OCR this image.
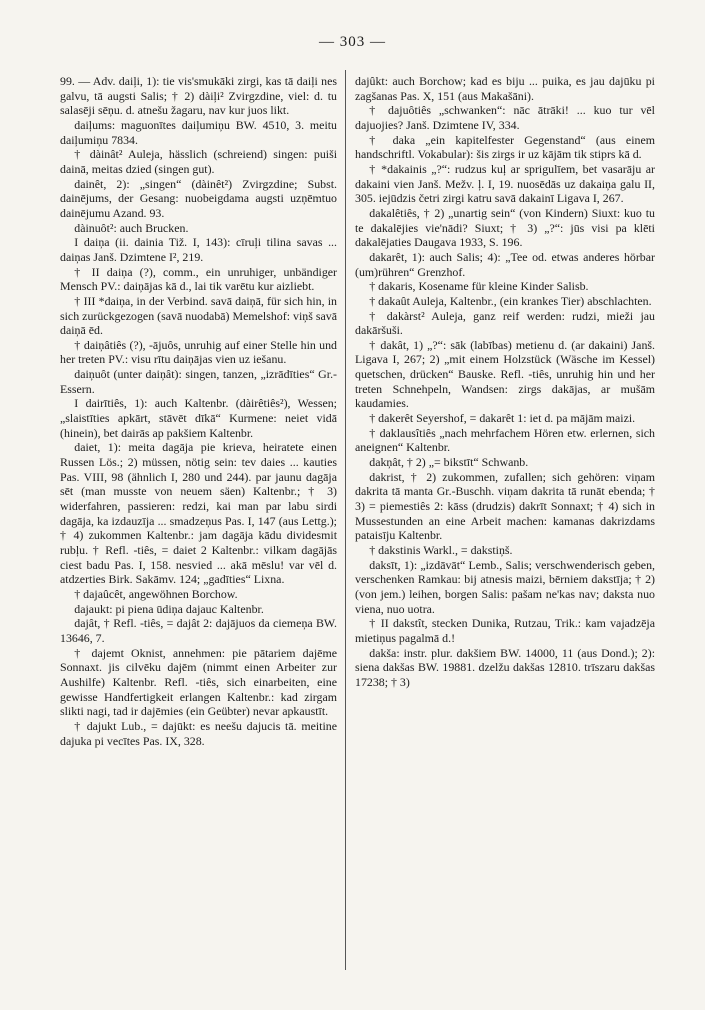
— 303 —

99. — Adv. daiļi, 1): tie vis'smukāki zirgi, kas tā daiļi nes galvu, tā augsti Salis; † 2) dàiļi² Zvirgzdine, viel: d. tu salasēji sēņu. d. atnešu žagaru, nav kur juos likt.

daiļums: maguonītes daiļumiņu BW. 4510, 3. meitu daiļumiņu 7834.

† dàinât² Auleja, hässlich (schreiend) singen: puiši dainā, meitas dzied (singen gut).

dainêt, 2): „singen“ (dàinêt²) Zvirgzdine; Subst. dainējums, der Gesang: nuobeigdama augsti uzņēmtuo dainējumu Azand. 93.

dàinuôt²: auch Brucken.

I daiņa (ii. dainia Tiž. I, 143): cīruļi tilina savas ... daiņas Janš. Dzimtene I², 219.

† II daiņa (?), comm., ein unruhiger, unbändiger Mensch PV.: daiņājas kā d., lai tik varētu kur aizliebt.

† III *daiņa, in der Verbind. savā daiņā, für sich hin, in sich zurückgezogen (savā nuodabā) Memelshof: viņš savā daiņā ēd.

† daiņâtiês (?), -ājuôs, unruhig auf einer Stelle hin und her treten PV.: visu rītu daiņājas vien uz iešanu.

daiņuôt (unter daiņât): singen, tanzen, „izrādīties“ Gr.-Essern.

I dairītiês, 1): auch Kaltenbr. (dàirêtiês²), Wessen; „slaistīties apkārt, stāvēt dīkā“ Kurmene: neiet vidā (hinein), bet dairās ap pakšiem Kaltenbr.

daiet, 1): meita dagāja pie krieva, heiratete einen Russen Lös.; 2) müssen, nötig sein: tev daies ... kauties Pas. VIII, 98 (ähnlich I, 280 und 244). par jaunu dagāja sēt (man musste von neuem säen) Kaltenbr.; † 3) widerfahren, passieren: redzi, kai man par labu sirdi dagāja, ka izdauzīja ... smadzeņus Pas. I, 147 (aus Lettg.); † 4) zukommen Kaltenbr.: jam dagāja kādu dividesmit rubļu. † Refl. -tiês, = daiet 2 Kaltenbr.: vilkam dagājās ciest badu Pas. I, 158. nesvied ... akā mēslu! var vēl d. atdzerties Birk. Sakāmv. 124; „gadīties“ Lixna.

† dajaûcêt, angewöhnen Borchow.

dajaukt: pi piena ūdiņa dajauc Kaltenbr.

dajât, † Refl. -tiês, = dajât 2: dajājuos da ciemeņa BW. 13646, 7.

† dajemt Oknist, annehmen: pie pātariem dajēme Sonnaxt. jis cilvēku dajēm (nimmt einen Arbeiter zur Aushilfe) Kaltenbr. Refl. -tiês, sich einarbeiten, eine gewisse Handfertigkeit erlangen Kaltenbr.: kad zirgam slikti nagi, tad ir dajēmies (ein Geübter) nevar apkaustīt.

† dajukt Lub., = dajūkt: es neešu dajucis tā. meitine dajuka pi vecītes Pas. IX, 328.

dajûkt: auch Borchow; kad es biju ... puika, es jau dajūku pi zagšanas Pas. X, 151 (aus Makašāni).

† dajuôtiês „schwanken“: nāc ātrāki! ... kuo tur vēl dajuojies? Janš. Dzimtene IV, 334.

† daka „ein kapitelfester Gegenstand“ (aus einem handschriftl. Vokabular): šis zirgs ir uz kājām tik stiprs kā d.

† *dakainis „?“: rudzus kuļ ar sprigulīem, bet vasarāju ar dakaini vien Janš. Mežv. ļ. I, 19. nuosēdās uz dakaiņa galu II, 305. iejūdzis četri zirgi katru savā dakainī Ligava I, 267.

dakalêtiês, † 2) „unartig sein“ (von Kindern) Siuxt: kuo tu te dakalējies vie'nādi? Siuxt; † 3) „?“: jūs visi pa klēti dakalējaties Daugava 1933, S. 196.

dakarêt, 1): auch Salis; 4): „Tee od. etwas anderes hörbar (um)rühren“ Grenzhof.

† dakaris, Kosename für kleine Kinder Salisb.

† dakaût Auleja, Kaltenbr., (ein krankes Tier) abschlachten.

† dakàrst² Auleja, ganz reif werden: rudzi, mieži jau dakāršuši.

† dakât, 1) „?“: sāk (labības) metienu d. (ar dakaini) Janš. Ligava I, 267; 2) „mit einem Holzstück (Wäsche im Kessel) quetschen, drücken“ Bauske. Refl. -tiês, unruhig hin und her treten Schnehpeln, Wandsen: zirgs dakājas, ar mušām kaudamies.

† dakerêt Seyershof, = dakarêt 1: iet d. pa mājām maizi.

† daklausîtiês „nach mehrfachem Hören etw. erlernen, sich aneignen“ Kaltenbr.

dakņât, † 2) „= bikstīt“ Schwanb.

dakrist, † 2) zukommen, zufallen; sich gehören: viņam dakrita tā manta Gr.-Buschh. viņam dakrita tā runāt ebenda; † 3) = piemestiês 2: kāss (drudzis) dakrīt Sonnaxt; † 4) sich in Mussestunden an eine Arbeit machen: kamanas dakrizdams pataisīju Kaltenbr.

† dakstinis Warkl., = dakstiņš.

daksīt, 1): „izdāvāt“ Lemb., Salis; verschwenderisch geben, verschenken Ramkau: bij atnesis maizi, bērniem dakstīja; † 2) (von jem.) leihen, borgen Salis: pašam ne'kas nav; daksta nuo viena, nuo uotra.

† II dakstît, stecken Dunika, Rutzau, Trik.: kam vajadzēja mietiņus pagalmā d.!

dakša: instr. plur. dakšiem BW. 14000, 11 (aus Dond.); 2): siena dakšas BW. 19881. dzelžu dakšas 12810. trīszaru dakšas 17238; † 3)
